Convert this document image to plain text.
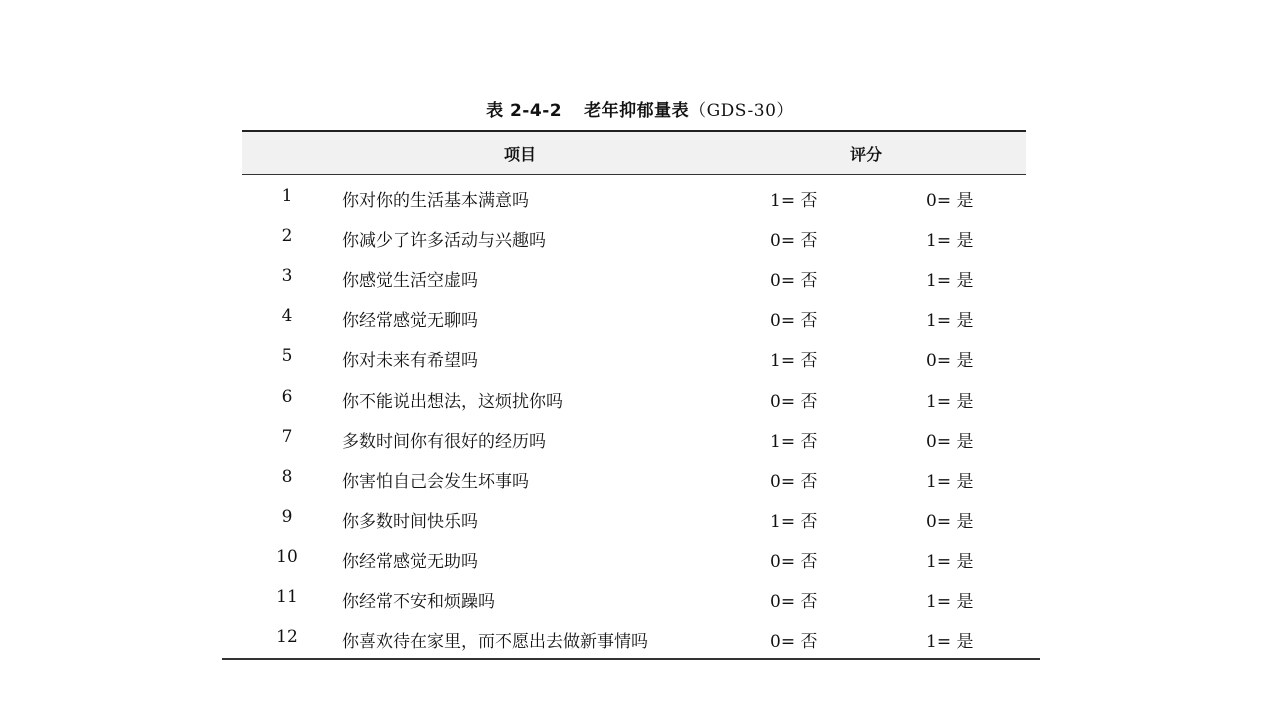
表 2-4-2 老年抑郁量表（GDS-30）
项目	评分
1	你对你的生活基本满意吗	1= 否	0= 是
2	你减少了许多活动与兴趣吗	0= 否	1= 是
3	你感觉生活空虚吗	0= 否	1= 是
4	你经常感觉无聊吗	0= 否	1= 是
5	你对未来有希望吗	1= 否	0= 是
6	你不能说出想法，这烦扰你吗	0= 否	1= 是
7	多数时间你有很好的经历吗	1= 否	0= 是
8	你害怕自己会发生坏事吗	0= 否	1= 是
9	你多数时间快乐吗	1= 否	0= 是
10	你经常感觉无助吗	0= 否	1= 是
11	你经常不安和烦躁吗	0= 否	1= 是
12	你喜欢待在家里，而不愿出去做新事情吗	0= 否	1= 是
